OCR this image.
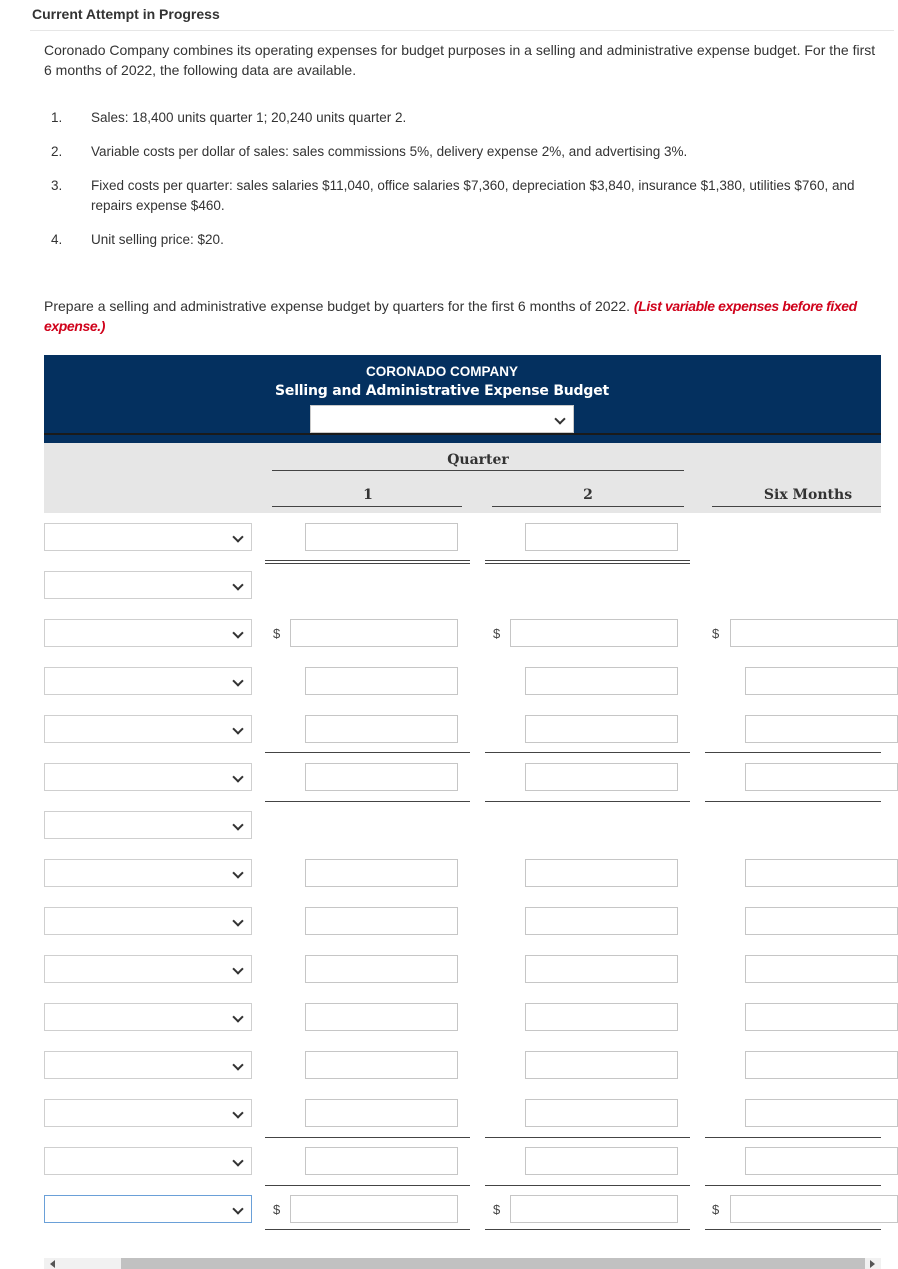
Current Attempt in Progress
Coronado Company combines its operating expenses for budget purposes in a selling and administrative expense budget. For the first 6 months of 2022, the following data are available.
1. Sales: 18,400 units quarter 1; 20,240 units quarter 2.
2. Variable costs per dollar of sales: sales commissions 5%, delivery expense 2%, and advertising 3%.
3. Fixed costs per quarter: sales salaries $11,040, office salaries $7,360, depreciation $3,840, insurance $1,380, utilities $760, and repairs expense $460.
4. Unit selling price: $20.
Prepare a selling and administrative expense budget by quarters for the first 6 months of 2022. (List variable expenses before fixed expense.)
CORONADO COMPANY
Selling and Administrative Expense Budget
Quarter
1	2	Six Months
$	$	$
$	$	$
